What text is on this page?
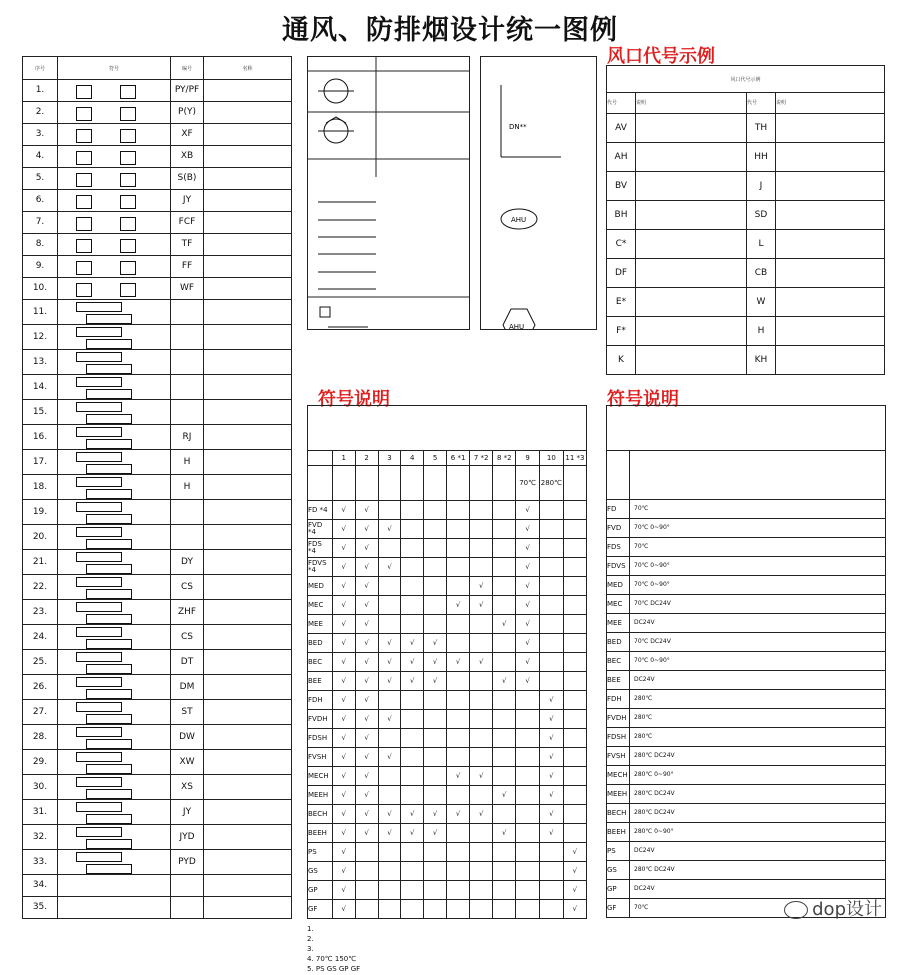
通风、防排烟设计统一图例
序号	符号	编号	名称
1.		PY/PF	
2.		P(Y)	
3.		XF	
4.		XB	
5.		S(B)	
6.		JY	
7.		FCF	
8.		TF	
9.		FF	
10.		WF	
11.			
12.			
13.			
14.			
15.			
16.		RJ	
17.		H	
18.		H	
19.			
20.			
21.		DY	
22.		CS	
23.		ZHF	
24.		CS	
25.		DT	
26.		DM	
27.		ST	
28.		DW	
29.		XW	
30.		XS	
31.		JY	
32.		JYD	
33.		PYD	
34.			
35.			
DN**
AHU
AHU
风口代号示例
风口代号示例			
代号	说明	代号	说明
AV		TH	
AH		HH	
BV		J	
BH		SD	
C*		L	
DF		CB	
E*		W	
F*		H	
K		KH	
符号说明

	1	2	3	4	5	6 *1	7 *2	8 *2	9	10	11 *3
									70℃	280℃	
FD *4	√	√							√		
FVD *4	√	√	√						√		
FDS *4	√	√							√		
FDVS *4	√	√	√						√		
MED	√	√					√		√		
MEC	√	√				√	√		√		
MEE	√	√						√	√		
BED	√	√	√	√	√				√		
BEC	√	√	√	√	√	√	√		√		
BEE	√	√	√	√	√			√	√		
FDH	√	√								√	
FVDH	√	√	√							√	
FDSH	√	√								√	
FVSH	√	√	√							√	
MECH	√	√				√	√			√	
MEEH	√	√						√		√	
BECH	√	√	√	√	√	√	√			√	
BEEH	√	√	√	√	√			√		√	
PS	√										√
GS	√										√
GP	√										√
GF	√										√
1.
2.
3.
4. 70℃ 150℃
5. PS GS GP GF
符号说明

FD	70℃
FVD	70℃ 0~90°
FDS	70℃
FDVS	70℃ 0~90°
MED	70℃ 0~90°
MEC	70℃ DC24V
MEE	DC24V
BED	70℃ DC24V
BEC	70℃ 0~90°
BEE	DC24V
FDH	280℃
FVDH	280℃
FDSH	280℃
FVSH	280℃ DC24V
MECH	280℃ 0~90°
MEEH	280℃ DC24V
BECH	280℃ DC24V
BEEH	280℃ 0~90°
PS	DC24V
GS	280℃ DC24V
GP	DC24V
GF	70℃	dop设计
